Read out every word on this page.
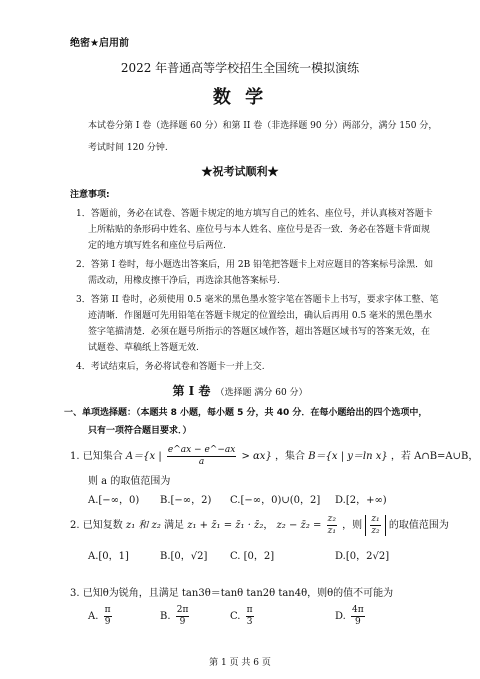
绝密★启用前
2022 年普通高等学校招生全国统一模拟演练
数 学
本试卷分第 I 卷（选择题 60 分）和第 II 卷（非选择题 90 分）两部分，满分 150 分，
考试时间 120 分钟.
★祝考试顺利★
注意事项:
1．答题前，务必在试卷、答题卡规定的地方填写自己的姓名、座位号，并认真核对答题卡
上所粘贴的条形码中姓名、座位号与本人姓名、座位号是否一致．务必在答题卡背面规
定的地方填写姓名和座位号后两位.
2．答第 I 卷时，每小题选出答案后，用 2B 铅笔把答题卡上对应题目的答案标号涂黑．如
需改动，用橡皮擦干净后，再选涂其他答案标号.
3．答第 II 卷时，必须使用 0.5 毫米的黑色墨水签字笔在答题卡上书写，要求字体工整、笔
迹清晰．作图题可先用铅笔在答题卡规定的位置绘出，确认后再用 0.5 毫米的黑色墨水
签字笔描清楚．必须在题号所指示的答题区域作答，超出答题区域书写的答案无效，在
试题卷、草稿纸上答题无效.
4．考试结束后，务必将试卷和答题卡一并上交.
第 I 卷 （选择题 满分 60 分）
一、单项选择题：（本题共 8 小题，每小题 5 分，共 40 分．在每小题给出的四个选项中，
只有一项符合题目要求．）
1. 已知集合 A＝{x | $\frac{e\^{}ax - e\^{}-ax}{a} > \alpha x$} ，集合 B＝{x | y＝ln x} ，若 A∩B=A∪B，
则 a 的取值范围为
A.[−∞，0) B.[−∞，2) C.[−∞，0)∪(0，2] D.[2，+∞)
2. 已知复数 z₁ 和 z₂ 满足 z₁ + z̄₁ = z̄₁ · z̄₂， z₂ − z̄₂ = $\frac{\text{z₂}}{\text{z₁}}$ ，则 $\frac{\text{z₁}}{\text{z₂}}$ 的取值范围为
A.[0，1]	B.[0，√2] C. [0，2]	D.[0，2√2]
3. 已知θ为锐角，且满足 tan3θ＝tanθ tan2θ tan4θ，则θ的值不可能为
A. $\frac{\pi}{9}$	B. $\frac{2\pi}{9}$	C. $\frac{\pi}{3}$	D. $\frac{4\pi}{9}$
第 1 页 共 6 页
